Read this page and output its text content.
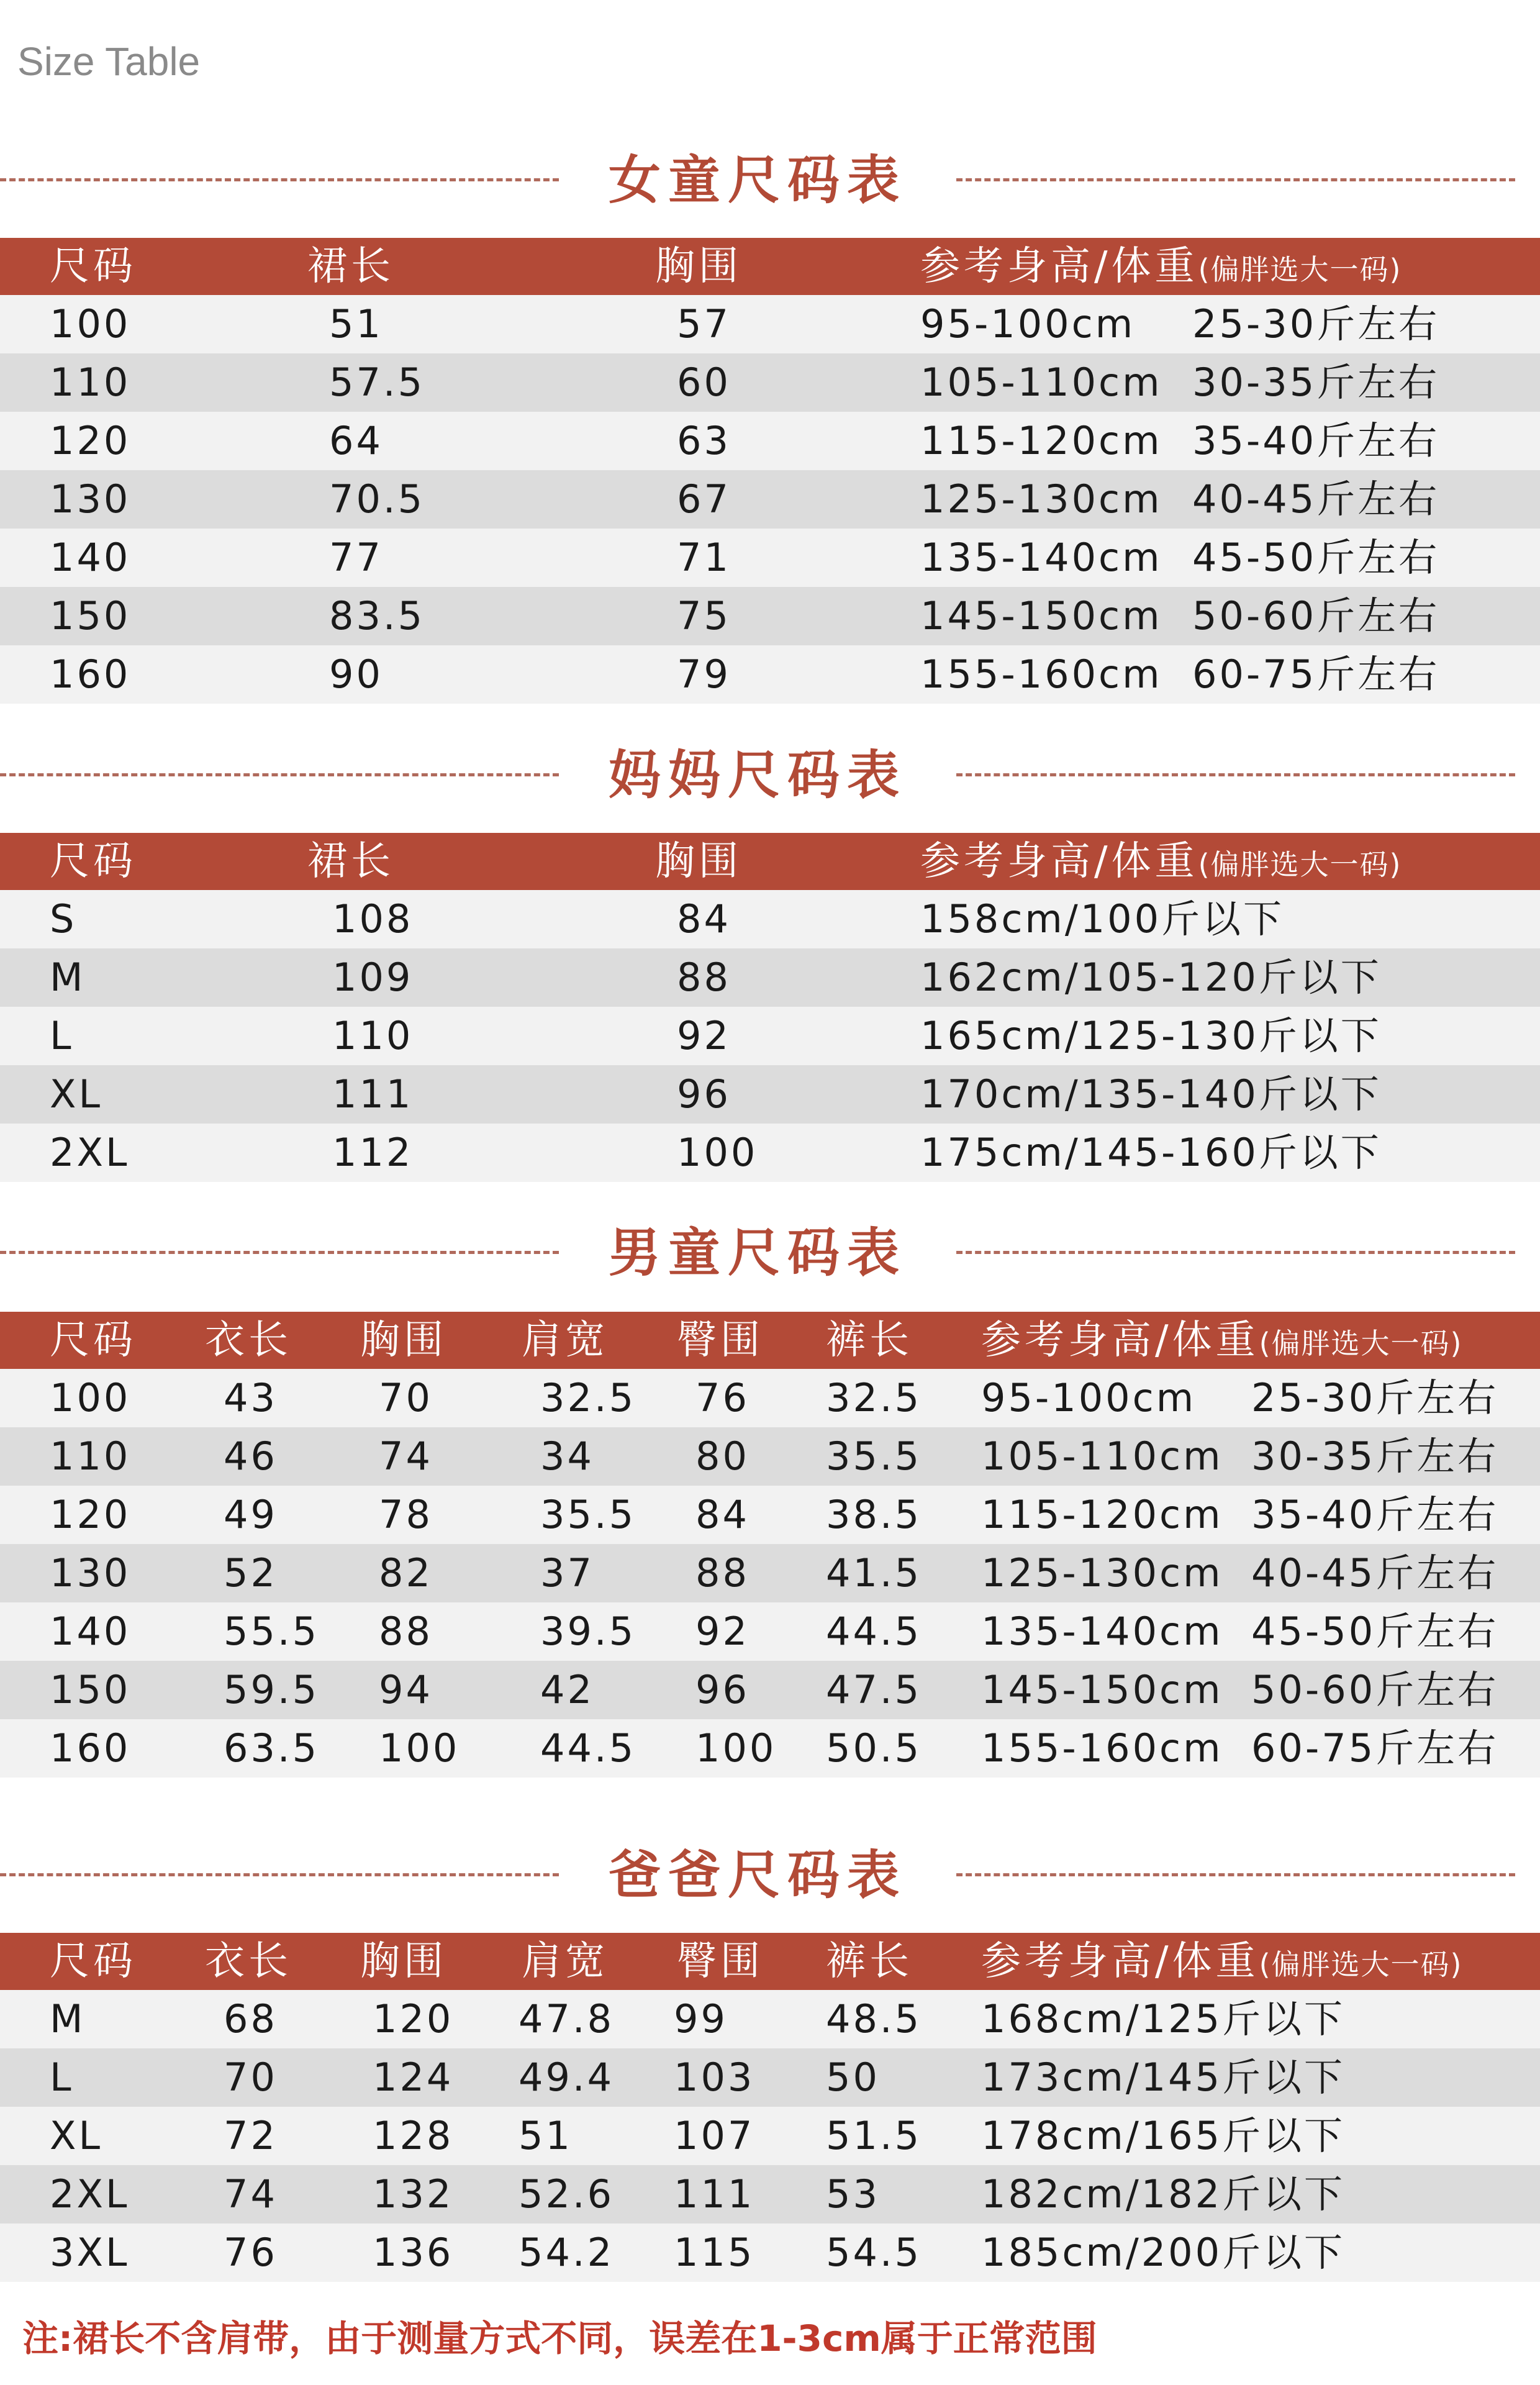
Size Table
女童尺码表
尺码	裙长	胸围	参考身高/体重(偏胖选大一码)
100	51	57	95-100cm 25-30斤左右
110	57.5	60	105-110cm 30-35斤左右
120	64	63	115-120cm 35-40斤左右
130	70.5	67	125-130cm 40-45斤左右
140	77	71	135-140cm 45-50斤左右
150	83.5	75	145-150cm 50-60斤左右
160	90	79	155-160cm 60-75斤左右
妈妈尺码表
尺码	裙长	胸围	参考身高/体重(偏胖选大一码)
S	108	84	158cm/100斤以下
M	109	88	162cm/105-120斤以下
L	110	92	165cm/125-130斤以下
XL	111	96	170cm/135-140斤以下
2XL	112	100	175cm/145-160斤以下
男童尺码表
尺码 衣长 胸围 肩宽 臀围 裤长 参考身高/体重(偏胖选大一码)
100 43	70	32.5 76 32.5 95-100cm 25-30斤左右
110 46	74	34	80 35.5 105-110cm 30-35斤左右
120 49	78	35.5 84 38.5 115-120cm 35-40斤左右
130 52	82	37	88 41.5 125-130cm 40-45斤左右
140 55.5 88	39.5 92 44.5 135-140cm 45-50斤左右
150 59.5 94	42	96 47.5 145-150cm 50-60斤左右
160 63.5 100 44.5 100 50.5 155-160cm 60-75斤左右
爸爸尺码表
尺码 衣长 胸围 肩宽 臀围 裤长 参考身高/体重(偏胖选大一码)
M	68 120 47.8 99	48.5 168cm/125斤以下
L	70 124 49.4 103 50	173cm/145斤以下
XL	72 128 51	107 51.5 178cm/165斤以下
2XL 74 132 52.6 111 53	182cm/182斤以下
3XL 76 136 54.2 115 54.5 185cm/200斤以下
注:裙长不含肩带，由于测量方式不同，误差在1-3cm属于正常范围
